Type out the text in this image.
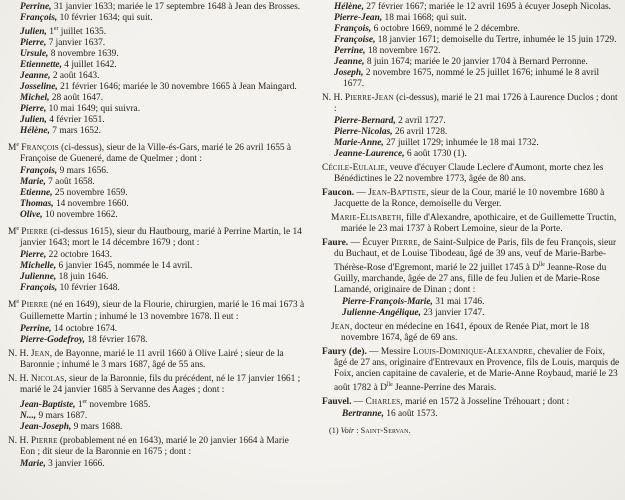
Perrine, 31 janvier 1633; mariée le 17 septembre 1648 à Jean des Brosses.
François, 10 février 1634; qui suit.
Julien, 1er juillet 1635.
Pierre, 7 janvier 1637.
Ursule, 8 novembre 1639.
Etiennette, 4 juillet 1642.
Jeanne, 2 août 1643.
Josseline, 21 février 1646; mariée le 30 novembre 1665 à Jean Maingard.
Michel, 28 août 1647.
Pierre, 10 mai 1649; qui suivra.
Julien, 4 février 1651.
Hélène, 7 mars 1652.
Me François (ci-dessus), sieur de la Ville-és-Gars, marié le 26 avril 1655 à Françoise de Gueneré, dame de Quelmer ; dont :
François, 9 mars 1656.
Marie, 7 août 1658.
Etienne, 25 novembre 1659.
Thomas, 14 novembre 1660.
Olive, 10 novembre 1662.
Me Pierre (ci-dessus 1615), sieur du Hautbourg, marié à Perrine Martin, le 14 janvier 1643; mort le 14 décembre 1679 ; dont :
Pierre, 22 octobre 1643.
Michelle, 6 janvier 1645, nommée le 14 avril.
Julienne, 18 juin 1646.
François, 10 février 1648.
Me Pierre (né en 1649), sieur de la Flourie, chirurgien, marié le 16 mai 1673 à Guillemette Martin ; inhumé le 13 novembre 1678. Il eut :
Perrine, 14 octobre 1674.
Pierre-Godefroy, 18 février 1678.
N. H. Jean, de Bayonne, marié le 11 avril 1660 à Olive Lairé ; sieur de la Baronnie ; inhumé le 3 mars 1687, âgé de 55 ans.
N. H. Nicolas, sieur de la Baronnie, fils du précédent, né le 17 janvier 1661 ; marié le 24 janvier 1685 à Servanne des Aages ; dont :
Jean-Baptiste, 1er novembre 1685.
N..., 9 mars 1687.
Jean-Joseph, 9 mars 1688.
N. H. Pierre (probablement né en 1643), marié le 20 janvier 1664 à Marie Eon ; dit sieur de la Baronnie en 1675 ; dont :
Marie, 3 janvier 1666.
Hélène, 27 février 1667; mariée le 12 avril 1695 à écuyer Joseph Nicolas.
Pierre-Jean, 18 mai 1668; qui suit.
François, 6 octobre 1669, nommé le 2 décembre.
Françoise, 18 janvier 1671; demoiselle du Tertre, inhumée le 15 juin 1729.
Perrine, 18 novembre 1672.
Jeanne, 8 juin 1674; mariée le 20 janvier 1704 à Bernard Perronne.
Joseph, 2 novembre 1675, nommé le 25 juillet 1676; inhumé le 8 avril 1677.
N. H. Pierre-Jean (ci-dessus), marié le 21 mai 1726 à Laurence Duclos ; dont :
Pierre-Bernard, 2 avril 1727.
Pierre-Nicolas, 26 avril 1728.
Marie-Anne, 27 juillet 1729; inhumée le 18 mai 1732.
Jeanne-Laurence, 6 août 1730 (1).
Cécile-Eulalie, veuve d'écuyer Claude Leclere d'Aumont, morte chez les Bénédictines le 22 novembre 1773, âgée de 80 ans.
Faucon. — Jean-Baptiste, sieur de la Cour, marié le 10 novembre 1680 à Jacquette de la Ronce, demoiselle du Verger.
Marie-Elisabeth, fille d'Alexandre, apothicaire, et de Guillemette Tructin, mariée le 23 mai 1737 à Robert Lemoine, sieur de la Porte.
Faure. — Écuyer Pierre, de Saint-Sulpice de Paris, fils de feu François, sieur du Buchaut, et de Louise Tibodeau, âgé de 39 ans, veuf de Marie-Barbe-Thérèse-Rose d'Egremont, marié le 22 juillet 1745 à $D^{lle}$ Jeanne-Rose du Guilly, marchande, âgée de 27 ans, fille de feu Julien et de Marie-Rose Lamandé, originaire de Dinan ; dont :
Pierre-François-Marie, 31 mai 1746.
Julienne-Angélique, 23 janvier 1747.
Jean, docteur en médecine en 1641, époux de Renée Piat, mort le 18 novembre 1674, âgé de 69 ans.
Faury (de). — Messire Louis-Dominique-Alexandre, chevalier de Foix, âgé de 27 ans, originaire d'Entrevaux en Provence, fils de Louis, marquis de Foix, ancien capitaine de cavalerie, et de Marie-Anne Roybaud, marié le 23 août 1782 à $D^{lle}$ Jeanne-Perrine des Marais.
Fauvel. — Charles, marié en 1572 à Josseline Tréhouart ; dont :
Bertranne, 16 août 1573.
(1) Voir : Saint-Servan.
